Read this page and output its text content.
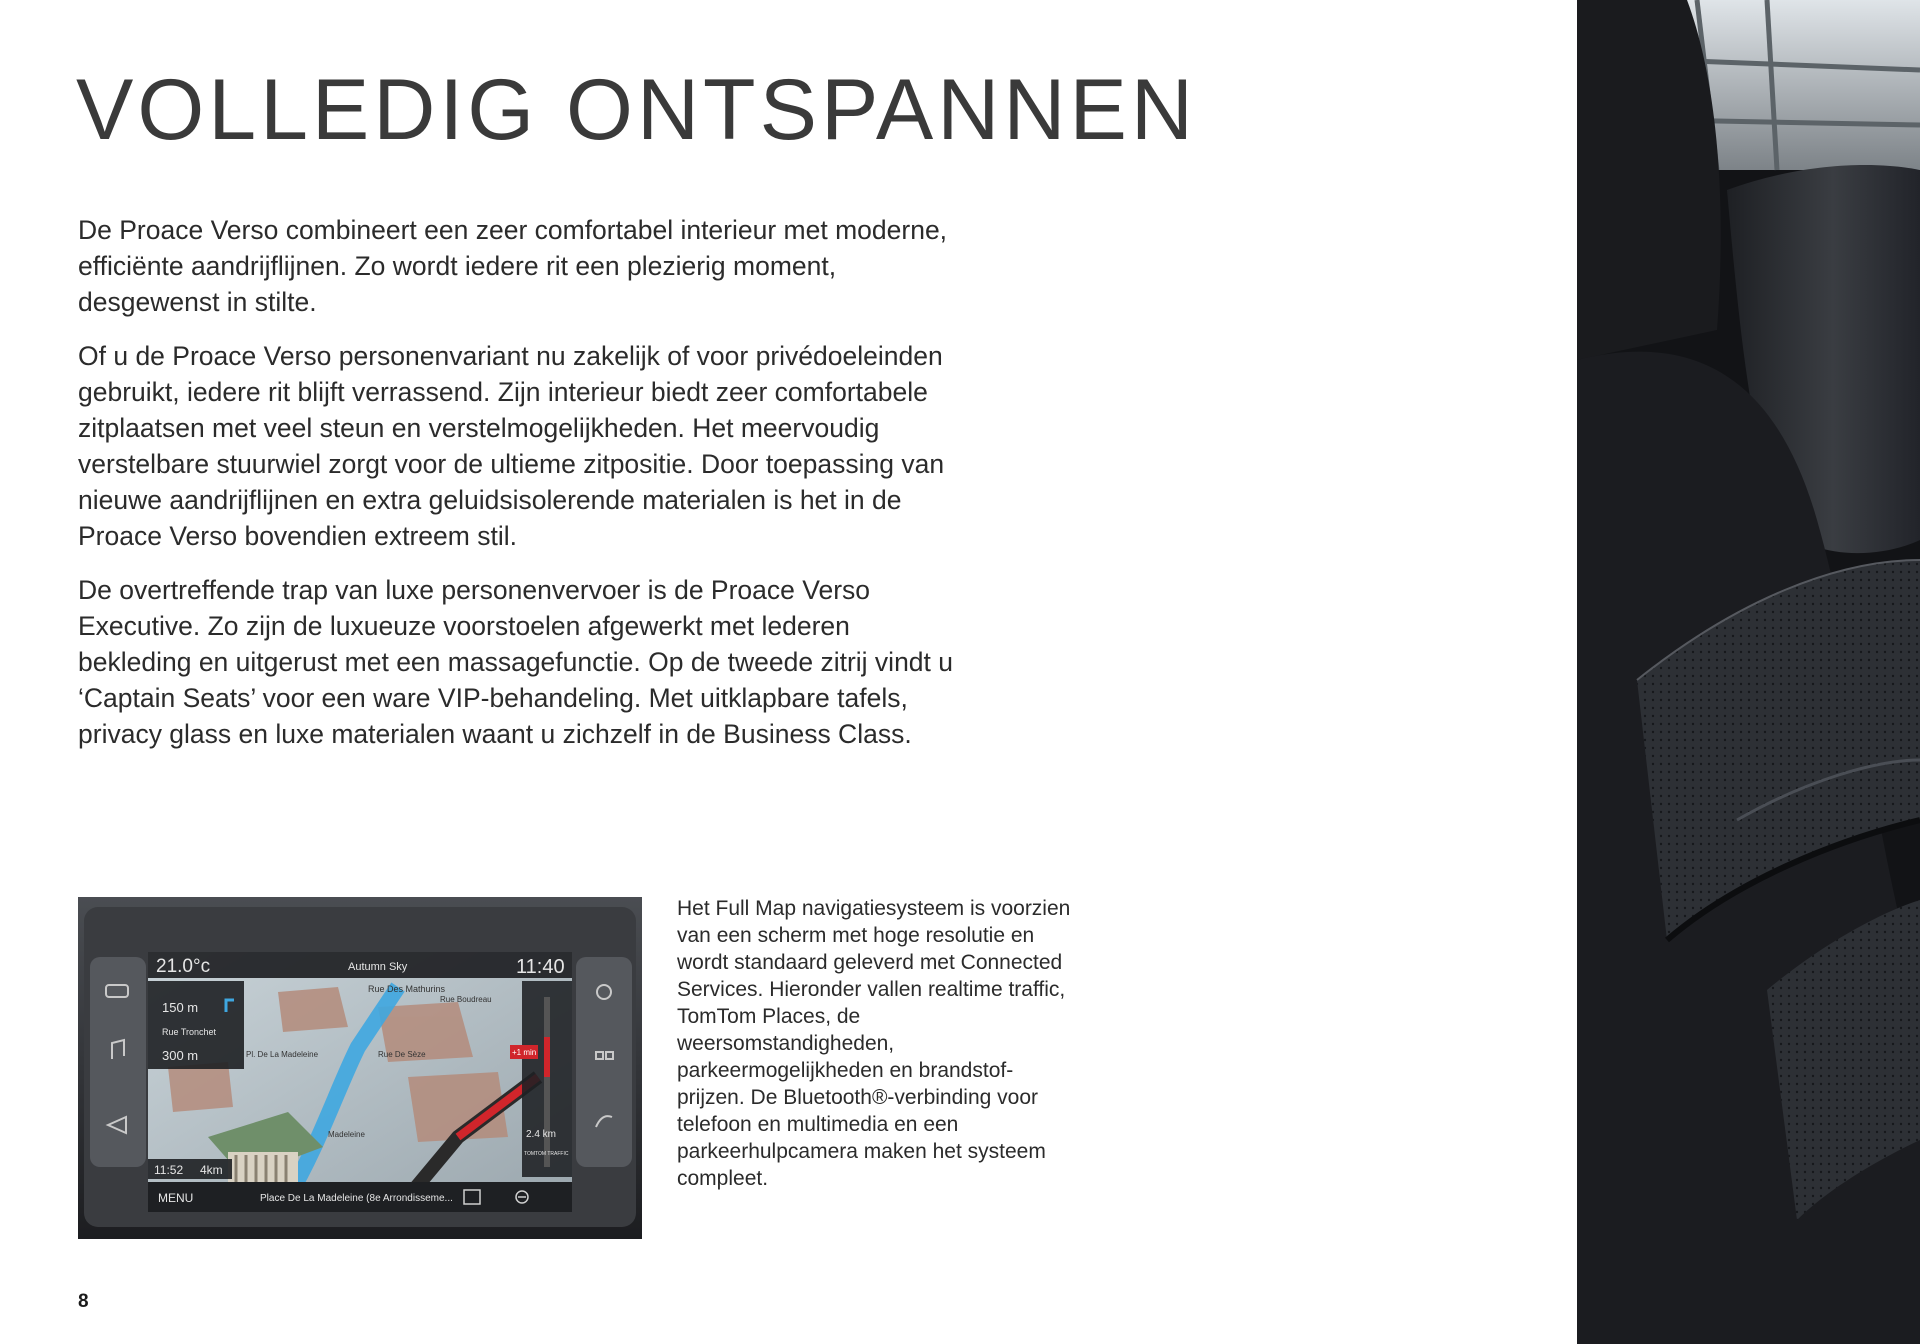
VOLLEDIG ONTSPANNEN

De Proace Verso combineert een zeer comfortabel interieur met moderne, efficiënte aandrijflijnen. Zo wordt iedere rit een plezierig moment, desgewenst in stilte.

Of u de Proace Verso personenvariant nu zakelijk of voor privédoeleinden gebruikt, iedere rit blijft verrassend. Zijn interieur biedt zeer comfortabele zitplaatsen met veel steun en verstelmogelijkheden. Het meervoudig verstelbare stuurwiel zorgt voor de ultieme zitpositie. Door toepassing van nieuwe aandrijflijnen en extra geluidsisolerende materialen is het in de Proace Verso bovendien extreem stil.

De overtreffende trap van luxe personenvervoer is de Proace Verso Executive. Zo zijn de luxueuze voorstoelen afgewerkt met lederen bekleding en uitgerust met een massagefunctie. Op de tweede zitrij vindt u ‘Captain Seats’ voor een ware VIP-behandeling. Met uitklapbare tafels, privacy glass en luxe materialen waant u zichzelf in de Business Class.

21.0°c	Autumn Sky	11:40
150 m
Rue Tronchet
300 m
Rue Des Mathurins
Rue Boudreau
Pl. De La Madeleine	Rue De Sèze
Madeleine
+1 min
2.4 km
TOMTOM TRAFFIC
11:52 4km
MENU	Place De La Madeleine (8e Arrondisseme...

Het Full Map navigatiesysteem is voorzien van een scherm met hoge resolutie en wordt standaard geleverd met Connected Services. Hieronder vallen realtime traffic, TomTom Places, de weersomstandigheden, parkeermogelijkheden en brandstof-prijzen. De Bluetooth®-verbinding voor telefoon en multimedia en een parkeerhulpcamera maken het systeem compleet.

8
